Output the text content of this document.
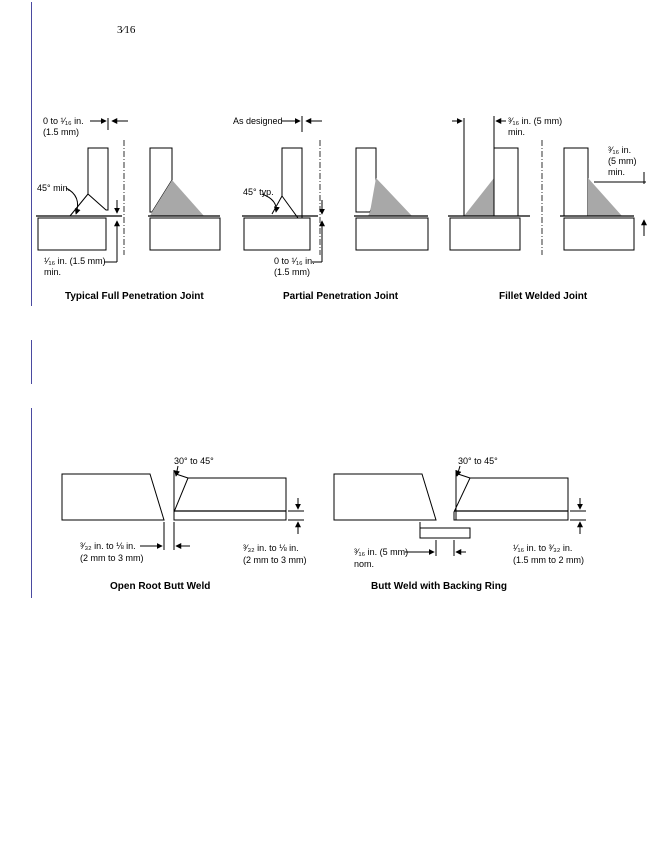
3⁄16
0 to ¹⁄₁₆ in.
(1.5 mm)
45° min.
¹⁄₁₆ in. (1.5 mm)
min.
Typical Full Penetration Joint
As designed
45° typ.
0 to ¹⁄₁₆ in.
(1.5 mm)
Partial Penetration Joint
³⁄₁₆ in. (5 mm)
min.
³⁄₁₆ in.
(5 mm)
min.
Fillet Welded Joint
30° to 45°
³⁄₃₂ in. to ⅛ in.
(2 mm to 3 mm)
³⁄₃₂ in. to ⅛ in.
(2 mm to 3 mm)
Open Root Butt Weld
30° to 45°
³⁄₁₆ in. (5 mm)
nom.
¹⁄₁₆ in. to ³⁄₃₂ in.
(1.5 mm to 2 mm)
Butt Weld with Backing Ring
